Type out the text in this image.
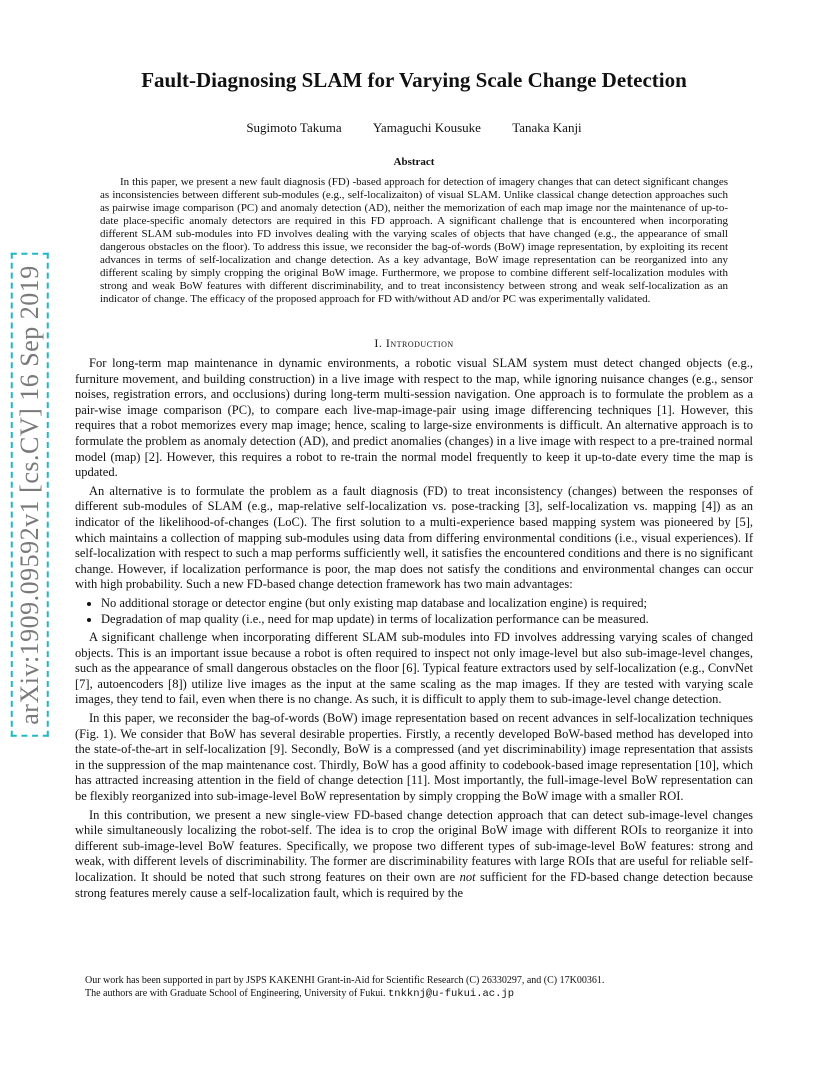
arXiv:1909.09592v1 [cs.CV] 16 Sep 2019
Fault-Diagnosing SLAM for Varying Scale Change Detection
Sugimoto Takuma Yamaguchi Kousuke Tanaka Kanji
Abstract

In this paper, we present a new fault diagnosis (FD) -based approach for detection of imagery changes that can detect significant changes as inconsistencies between different sub-modules (e.g., self-localizaiton) of visual SLAM. Unlike classical change detection approaches such as pairwise image comparison (PC) and anomaly detection (AD), neither the memorization of each map image nor the maintenance of up-to-date place-specific anomaly detectors are required in this FD approach. A significant challenge that is encountered when incorporating different SLAM sub-modules into FD involves dealing with the varying scales of objects that have changed (e.g., the appearance of small dangerous obstacles on the floor). To address this issue, we reconsider the bag-of-words (BoW) image representation, by exploiting its recent advances in terms of self-localization and change detection. As a key advantage, BoW image representation can be reorganized into any different scaling by simply cropping the original BoW image. Furthermore, we propose to combine different self-localization modules with strong and weak BoW features with different discriminability, and to treat inconsistency between strong and weak self-localization as an indicator of change. The efficacy of the proposed approach for FD with/without AD and/or PC was experimentally validated.

I. Introduction

For long-term map maintenance in dynamic environments, a robotic visual SLAM system must detect changed objects (e.g., furniture movement, and building construction) in a live image with respect to the map, while ignoring nuisance changes (e.g., sensor noises, registration errors, and occlusions) during long-term multi-session navigation. One approach is to formulate the problem as a pair-wise image comparison (PC), to compare each live-map-image-pair using image differencing techniques [1]. However, this requires that a robot memorizes every map image; hence, scaling to large-size environments is difficult. An alternative approach is to formulate the problem as anomaly detection (AD), and predict anomalies (changes) in a live image with respect to a pre-trained normal model (map) [2]. However, this requires a robot to re-train the normal model frequently to keep it up-to-date every time the map is updated.

An alternative is to formulate the problem as a fault diagnosis (FD) to treat inconsistency (changes) between the responses of different sub-modules of SLAM (e.g., map-relative self-localization vs. pose-tracking [3], self-localization vs. mapping [4]) as an indicator of the likelihood-of-changes (LoC). The first solution to a multi-experience based mapping system was pioneered by [5], which maintains a collection of mapping sub-modules using data from differing environmental conditions (i.e., visual experiences). If self-localization with respect to such a map performs sufficiently well, it satisfies the encountered conditions and there is no significant change. However, if localization performance is poor, the map does not satisfy the conditions and environmental changes can occur with high probability. Such a new FD-based change detection framework has two main advantages:

• No additional storage or detector engine (but only existing map database and localization engine) is required;
• Degradation of map quality (i.e., need for map update) in terms of localization performance can be measured.

A significant challenge when incorporating different SLAM sub-modules into FD involves addressing varying scales of changed objects. This is an important issue because a robot is often required to inspect not only image-level but also sub-image-level changes, such as the appearance of small dangerous obstacles on the floor [6]. Typical feature extractors used by self-localization (e.g., ConvNet [7], autoencoders [8]) utilize live images as the input at the same scaling as the map images. If they are tested with varying scale images, they tend to fail, even when there is no change. As such, it is difficult to apply them to sub-image-level change detection.

In this paper, we reconsider the bag-of-words (BoW) image representation based on recent advances in self-localization techniques (Fig. 1). We consider that BoW has several desirable properties. Firstly, a recently developed BoW-based method has developed into the state-of-the-art in self-localization [9]. Secondly, BoW is a compressed (and yet discriminability) image representation that assists in the suppression of the map maintenance cost. Thirdly, BoW has a good affinity to codebook-based image representation [10], which has attracted increasing attention in the field of change detection [11]. Most importantly, the full-image-level BoW representation can be flexibly reorganized into sub-image-level BoW representation by simply cropping the BoW image with a smaller ROI.

In this contribution, we present a new single-view FD-based change detection approach that can detect sub-image-level changes while simultaneously localizing the robot-self. The idea is to crop the original BoW image with different ROIs to reorganize it into different sub-image-level BoW features. Specifically, we propose two different types of sub-image-level BoW features: strong and weak, with different levels of discriminability. The former are discriminability features with large ROIs that are useful for reliable self-localization. It should be noted that such strong features on their own are not sufficient for the FD-based change detection because strong features merely cause a self-localization fault, which is required by the

Our work has been supported in part by JSPS KAKENHI Grant-in-Aid for Scientific Research (C) 26330297, and (C) 17K00361.

The authors are with Graduate School of Engineering, University of Fukui. tnkknj@u-fukui.ac.jp
